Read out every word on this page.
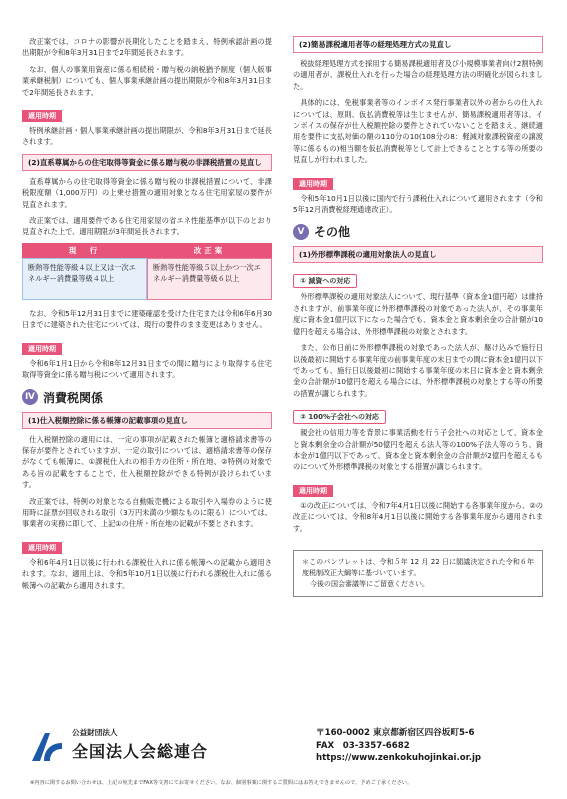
改正案では、コロナの影響が長期化したことを踏まえ、特例承認計画の提出期限が令和8年3月31日まで2年間延長されます。

なお、個人の事業用資産に係る相続税・贈与税の納税猶予制度（個人版事業承継税制）についても、個人事業承継計画の提出期限が令和8年3月31日まで2年間延長されます。

適用時期

特例承継計画・個人事業承継計画の提出期限が、令和8年3月31日まで延長されます。

(2)直系尊属からの住宅取得等資金に係る贈与税の非課税措置の見直し

直系尊属からの住宅取得等資金に係る贈与税の非課税措置について、非課税限度額（1,000万円）の上乗せ措置の適用対象となる住宅用家屋の要件が見直されます。

改正案では、適用要件である住宅用家屋の省エネ性能基準が以下のとおり見直された上で、適用期限が3年間延長されます。

現　行
断熱等性能等級４以上又は一次エネルギー消費量等級４以上
改正案
断熱等性能等級５以上かつ一次エネルギー消費量等級６以上

なお、令和5年12月31日までに建築確認を受けた住宅または令和6年6月30日までに建築された住宅については、現行の要件のまま変更はありません。

適用時期

令和6年1月1日から令和8年12月31日までの間に贈与により取得する住宅取得等資金に係る贈与税について適用されます。

Ⅳ 消費税関係
(1)仕入税額控除に係る帳簿の記載事項の見直し

仕入税額控除の適用には、一定の事項が記載された帳簿と適格請求書等の保存が要件とされていますが、一定の取引については、適格請求書等の保存がなくても帳簿に、①課税仕入れの相手方の住所・所在地、②特例の対象である旨の記載をすることで、仕入税額控除ができる特例が設けられています。

改正案では、特例の対象となる自動販売機による取引や入場券のように使用時に証票が回収される取引（3万円未満の少額なものに限る）については、事業者の実務に即して、上記①の住所・所在地の記載が不要とされます。

適用時期

令和6年4月1日以後に行われる課税仕入れに係る帳簿への記載から適用されます。なお、適用上は、令和5年10月1日以後に行われる課税仕入れに係る帳簿への記載から適用されます。

(2)簡易課税適用者等の経理処理方式の見直し

税抜経理処理方式を採用する簡易課税適用者及び小規模事業者向け2割特例の適用者が、課税仕入れを行った場合の経理処理方法の明確化が図られました。

具体的には、免税事業者等のインボイス発行事業者以外の者からの仕入れについては、原則、仮払消費税等は生じませんが、簡易課税適用者等は、インボイスの保存が仕入税額控除の要件とされていないことを踏まえ、継続適用を要件に支払対価の額の110分の10(108分の8：軽減対象課税資産の譲渡等に係るもの)相当額を仮払消費税等として計上できることとする等の所要の見直しが行われました。

適用時期

令和5年10月1日以後に国内で行う課税仕入れについて適用されます（令和5年12月消費税経理通達改正）。

Ⅴ その他
(1)外形標準課税の適用対象法人の見直し
① 減資への対応

外形標準課税の適用対象法人について、現行基準（資本金1億円超）は維持されますが、前事業年度に外形標準課税の対象であった法人が、その事業年度に資本金1億円以下になった場合でも、資本金と資本剰余金の合計額が10億円を超える場合は、外形標準課税の対象とされます。

また、公布日前に外形標準課税の対象であった法人が、駆け込みで施行日以後最初に開始する事業年度の前事業年度の末日までの間に資本金1億円以下であっても、施行日以後最初に開始する事業年度の末日に資本金と資本剰余金の合計額が10億円を超える場合には、外形標準課税の対象とする等の所要の措置が講じられます。

② 100%子会社への対応

親会社の信用力等を背景に事業活動を行う子会社への対応として、資本金と資本剰余金の合計額が50億円を超える法人等の100%子法人等のうち、資本金が1億円以下であって、資本金と資本剰余金の合計額が2億円を超えるものについて外形標準課税の対象とする措置が講じられます。

適用時期

①の改正については、令和7年4月1日以後に開始する各事業年度から、②の改正については、令和8年4月1日以後に開始する各事業年度から適用されます。

＊このパンフレットは、令和５年 12 月 22 日に閣議決定された令和６年度税制改正大綱等に基づいています。

今後の国会審議等にご留意ください。

公益財団法人
全国法人会総連合
〒160-0002 東京都新宿区四谷坂町5-6
FAX　03-3357-6682
https://www.zenkokuhojinkai.or.jp
※内容に関するお問い合わせは、上記の宛先までFAX等文書にてお寄せください。なお、個別事案に関するご質問にはお答えできませんので、予めご了承ください。
